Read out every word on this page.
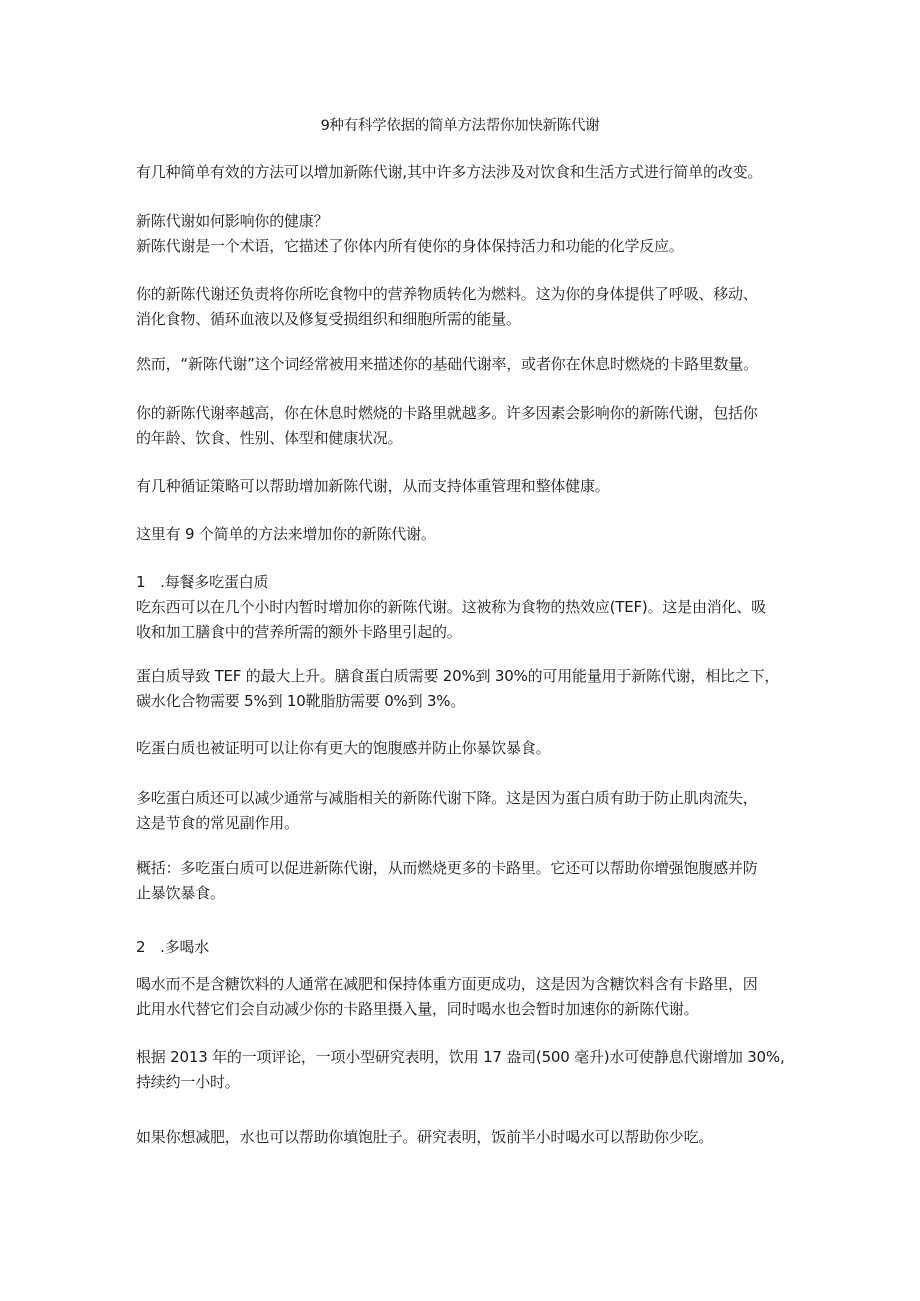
9种有科学依据的简单方法帮你加快新陈代谢

有几种简单有效的方法可以增加新陈代谢,其中许多方法涉及对饮食和生活方式进行简单的改变。

新陈代谢如何影响你的健康？

新陈代谢是一个术语，它描述了你体内所有使你的身体保持活力和功能的化学反应。

你的新陈代谢还负责将你所吃食物中的营养物质转化为燃料。这为你的身体提供了呼吸、移动、
消化食物、循环血液以及修复受损组织和细胞所需的能量。

然而，“新陈代谢”这个词经常被用来描述你的基础代谢率，或者你在休息时燃烧的卡路里数量。

你的新陈代谢率越高，你在休息时燃烧的卡路里就越多。许多因素会影响你的新陈代谢，包括你
的年龄、饮食、性别、体型和健康状况。

有几种循证策略可以帮助增加新陈代谢，从而支持体重管理和整体健康。

这里有 9 个简单的方法来增加你的新陈代谢。

1　.每餐多吃蛋白质

吃东西可以在几个小时内暂时增加你的新陈代谢。这被称为食物的热效应(TEF)。这是由消化、吸
收和加工膳食中的营养所需的额外卡路里引起的。

蛋白质导致 TEF 的最大上升。膳食蛋白质需要 20%到 30%的可用能量用于新陈代谢，相比之下，
碳水化合物需要 5%到 10靴脂肪需要 0%到 3%。

吃蛋白质也被证明可以让你有更大的饱腹感并防止你暴饮暴食。

多吃蛋白质还可以减少通常与减脂相关的新陈代谢下降。这是因为蛋白质有助于防止肌肉流失，
这是节食的常见副作用。

概括：多吃蛋白质可以促进新陈代谢，从而燃烧更多的卡路里。它还可以帮助你增强饱腹感并防
止暴饮暴食。

2　.多喝水

喝水而不是含糖饮料的人通常在减肥和保持体重方面更成功，这是因为含糖饮料含有卡路里，因
此用水代替它们会自动减少你的卡路里摄入量，同时喝水也会暂时加速你的新陈代谢。

根据 2013 年的一项评论，一项小型研究表明，饮用 17 盎司(500 毫升)水可使静息代谢增加 30%,
持续约一小时。

如果你想减肥，水也可以帮助你填饱肚子。研究表明，饭前半小时喝水可以帮助你少吃。
